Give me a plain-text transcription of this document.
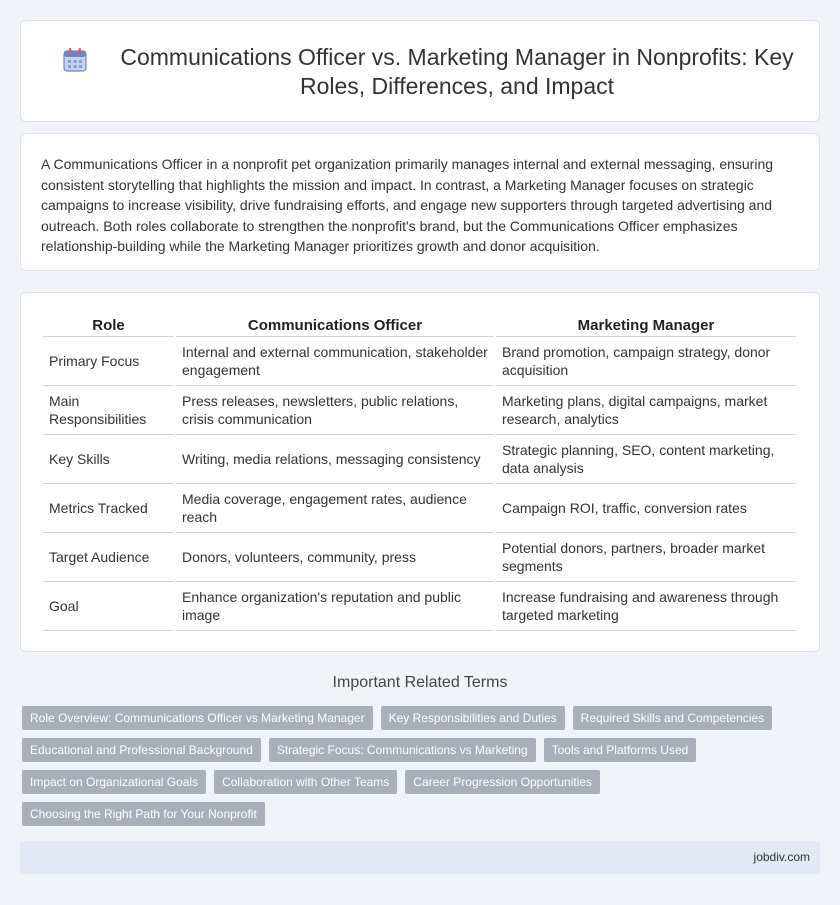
Communications Officer vs. Marketing Manager in Nonprofits: Key Roles, Differences, and Impact

A Communications Officer in a nonprofit pet organization primarily manages internal and external messaging, ensuring consistent storytelling that highlights the mission and impact. In contrast, a Marketing Manager focuses on strategic campaigns to increase visibility, drive fundraising efforts, and engage new supporters through targeted advertising and outreach. Both roles collaborate to strengthen the nonprofit's brand, but the Communications Officer emphasizes relationship-building while the Marketing Manager prioritizes growth and donor acquisition.

Role	Communications Officer	Marketing Manager
Primary Focus	Internal and external communication, stakeholder engagement	Brand promotion, campaign strategy, donor acquisition
Main Responsibilities	Press releases, newsletters, public relations, crisis communication	Marketing plans, digital campaigns, market research, analytics
Key Skills	Writing, media relations, messaging consistency	Strategic planning, SEO, content marketing, data analysis
Metrics Tracked	Media coverage, engagement rates, audience reach	Campaign ROI, traffic, conversion rates
Target Audience	Donors, volunteers, community, press	Potential donors, partners, broader market segments
Goal	Enhance organization's reputation and public image	Increase fundraising and awareness through targeted marketing
Important Related Terms
Role Overview: Communications Officer vs Marketing Manager	Key Responsibilities and Duties	Required Skills and Competencies
Educational and Professional Background	Strategic Focus: Communications vs Marketing	Tools and Platforms Used
Impact on Organizational Goals	Collaboration with Other Teams	Career Progression Opportunities
Choosing the Right Path for Your Nonprofit
jobdiv.com
